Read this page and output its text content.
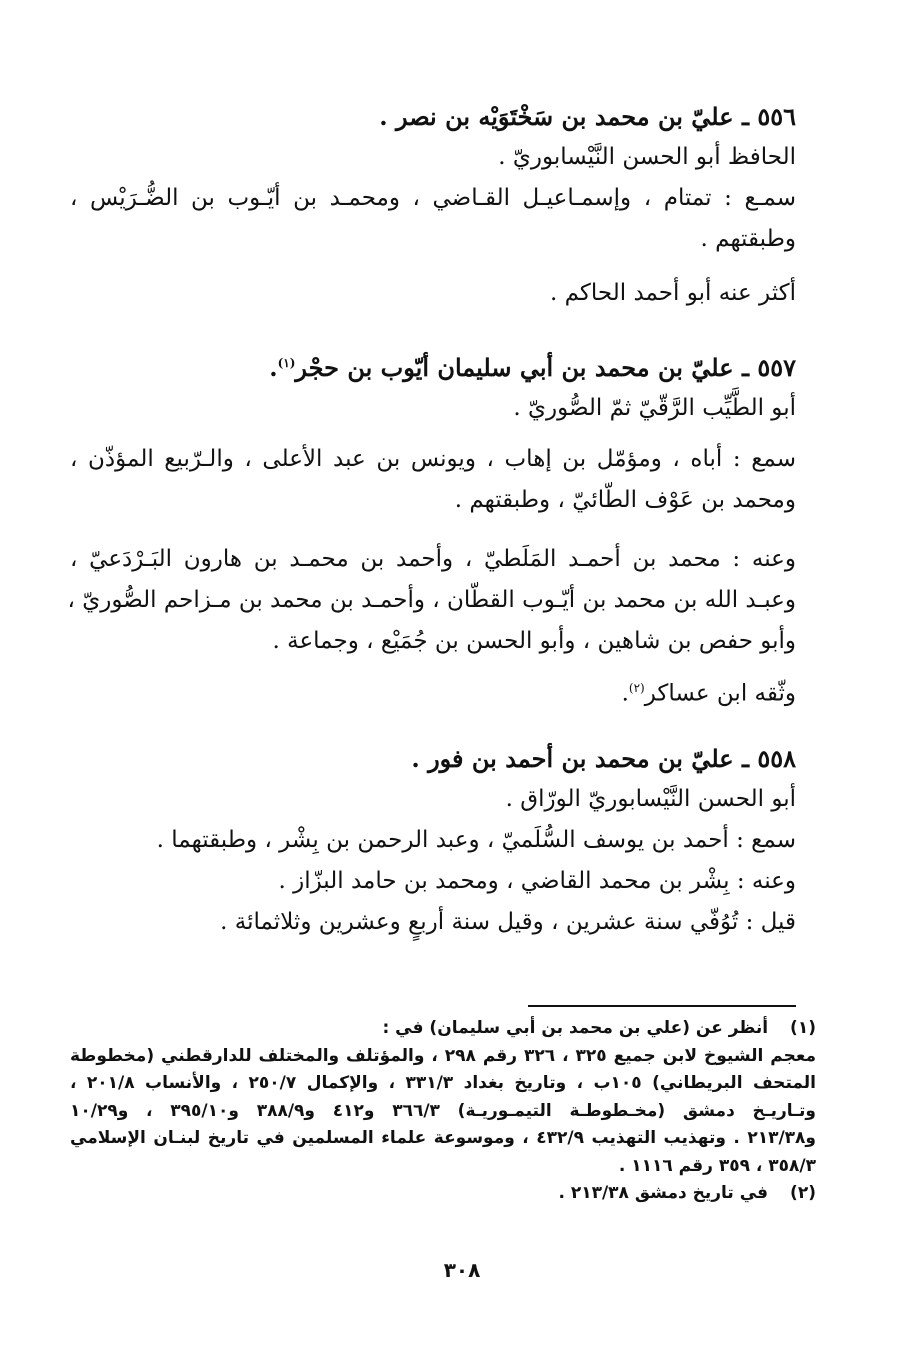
٥٥٦ ـ عليّ بن محمد بن سَخْتَوَيْه بن نصر .

الحافظ أبو الحسن النَّيْسابوريّ .

سمـع : تمتام ، وإسمـاعيـل القـاضي ، ومحمـد بن أيّـوب بن الضُّـرَيْس ،

وطبقتهم .

أكثر عنه أبو أحمد الحاكم .

٥٥٧ ـ عليّ بن محمد بن أبي سليمان أيّوب بن حجْر$^{(١)}$.

أبو الطَّيِّب الرَّقّيّ ثمّ الصُّوريّ .

سمع : أباه ، ومؤمّل بن إهاب ، ويونس بن عبد الأعلى ، والـرّبيع المؤذّن ،

ومحمد بن عَوْف الطّائيّ ، وطبقتهم .

وعنه : محمد بن أحمـد المَلَطيّ ، وأحمد بن محمـد بن هارون البَـرْدَعيّ ،

وعبـد الله بن محمد بن أيّـوب القطّان ، وأحمـد بن محمد بن مـزاحم الصُّوريّ ،

وأبو حفص بن شاهين ، وأبو الحسن بن جُمَيْع ، وجماعة .

وثّقه ابن عساكر$^{(٢)}$.

٥٥٨ ـ عليّ بن محمد بن أحمد بن فور .

أبو الحسن النَّيْسابوريّ الورّاق .

سمع : أحمد بن يوسف السُّلَميّ ، وعبد الرحمن بن بِشْر ، وطبقتهما .

وعنه : بِشْر بن محمد القاضي ، ومحمد بن حامد البزّاز .

قيل : تُوُفّي سنة عشرين ، وقيل سنة أربعٍ وعشرين وثلاثمائة .

(١) أنظر عن (علي بن محمد بن أبي سليمان) في :

معجم الشيوخ لابن جميع ٣٢٥ ، ٣٢٦ رقم ٢٩٨ ، والمؤتلف والمختلف للدارقطني (مخطوطة

المتحف البريطاني) ١٠٥ب ، وتاريخ بغداد ٣٣١/٣ ، والإكمال ٢٥٠/٧ ، والأنساب ٢٠١/٨ ،

وتـاريـخ دمشق (مخـطوطـة التيمـوريـة) ٣٦٦/٣ و٤١٢ و٣٨٨/٩ و٣٩٥/١٠ ، و١٠/٢٩

و٢١٣/٣٨ . وتهذيب التهذيب ٤٣٢/٩ ، وموسوعة علماء المسلمين في تاريخ لبنـان الإسلامي

٣٥٨/٣ ، ٣٥٩ رقم ١١١٦ .

(٢) في تاريخ دمشق ٢١٣/٣٨ .

٣٠٨
